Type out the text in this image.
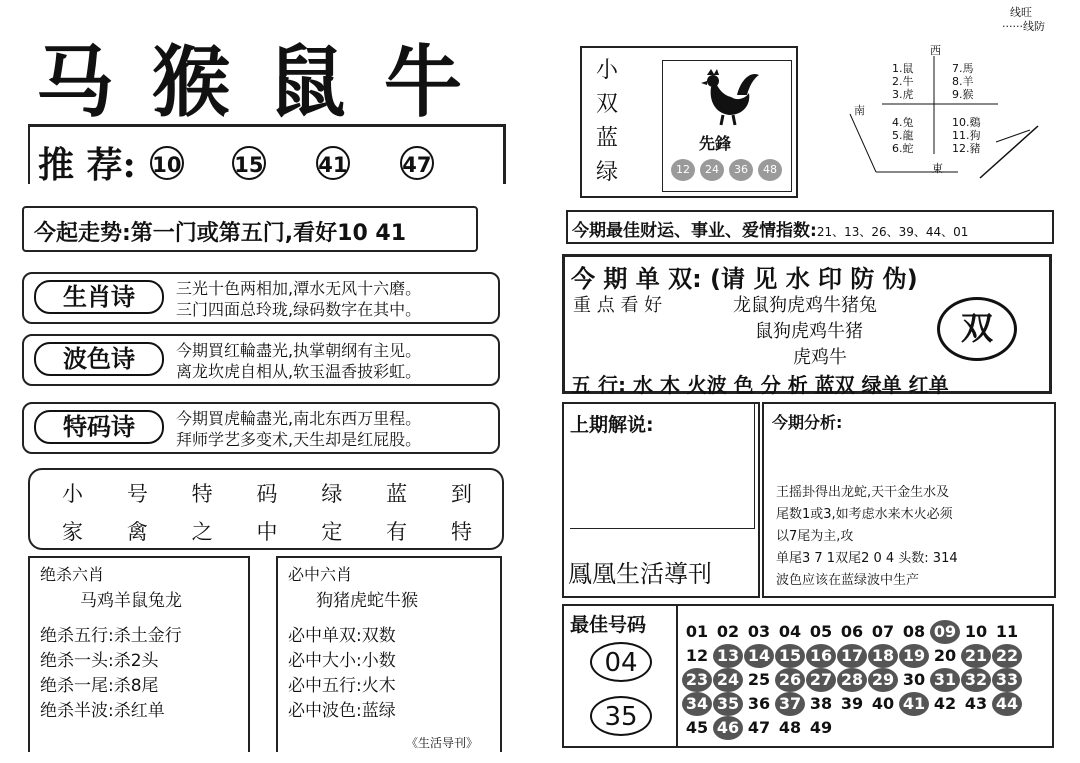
线旺
······线防
马 猴 鼠 牛
推 荐: 10	15	41	47
今起走势:第一门或第五门,看好10 41
生肖诗	三光十色两相加,潭水无风十六磨。
三门四面总玲珑,绿码数字在其中。
波色诗	今期買红輪盡光,执掌朝纲有主见。
离龙坎虎自相从,软玉温香披彩虹。
特码诗	今期買虎輪盡光,南北东西万里程。
拜师学艺多变术,天生却是红屁股。
小 号 特 码 绿 蓝 到
家 禽 之 中 定 有 特
绝杀六肖
马鸡羊鼠兔龙
绝杀五行:杀土金行
绝杀一头:杀2头
绝杀一尾:杀8尾
绝杀半波:杀红单
必中六肖
狗猪虎蛇牛猴
必中单双:双数
必中大小:小数
必中五行:火木
必中波色:蓝绿
《生活导刊》
小
双
蓝
绿
先鋒
12	24	36	48
西
南
東
1.鼠
2.牛
3.虎
7.馬
8.羊
9.猴
4.兔
5.龍
6.蛇
10.鷄
11.狗
12.豬
今期最佳财运、事业、爱情指数:21、13、26、39、44、01
今 期 单 双: (请 见 水 印 防 伪)
重 点 看 好	龙鼠狗虎鸡牛猪兔
鼠狗虎鸡牛猪
虎鸡牛
双
五 行: 水 木 火波 色 分 析 蓝双 绿单 红单
上期解说:
鳳凰生活導刊
今期分析:
王摇卦得出龙蛇,天干金生水及
尾数1或3,如考虑水来木火必须
以7尾为主,攻
单尾3 7 1双尾2 0 4 头数: 314
波色应该在蓝绿波中生产
最佳号码
04
35
01 02 03 04 05 06 07 08 09 10 11
12 13 14 15 16 17 18 19 20 21 22
23 24 25 26 27 28 29 30 31 32 33
34 35 36 37 38 39 40 41 42 43 44
45 46 47 48 49
